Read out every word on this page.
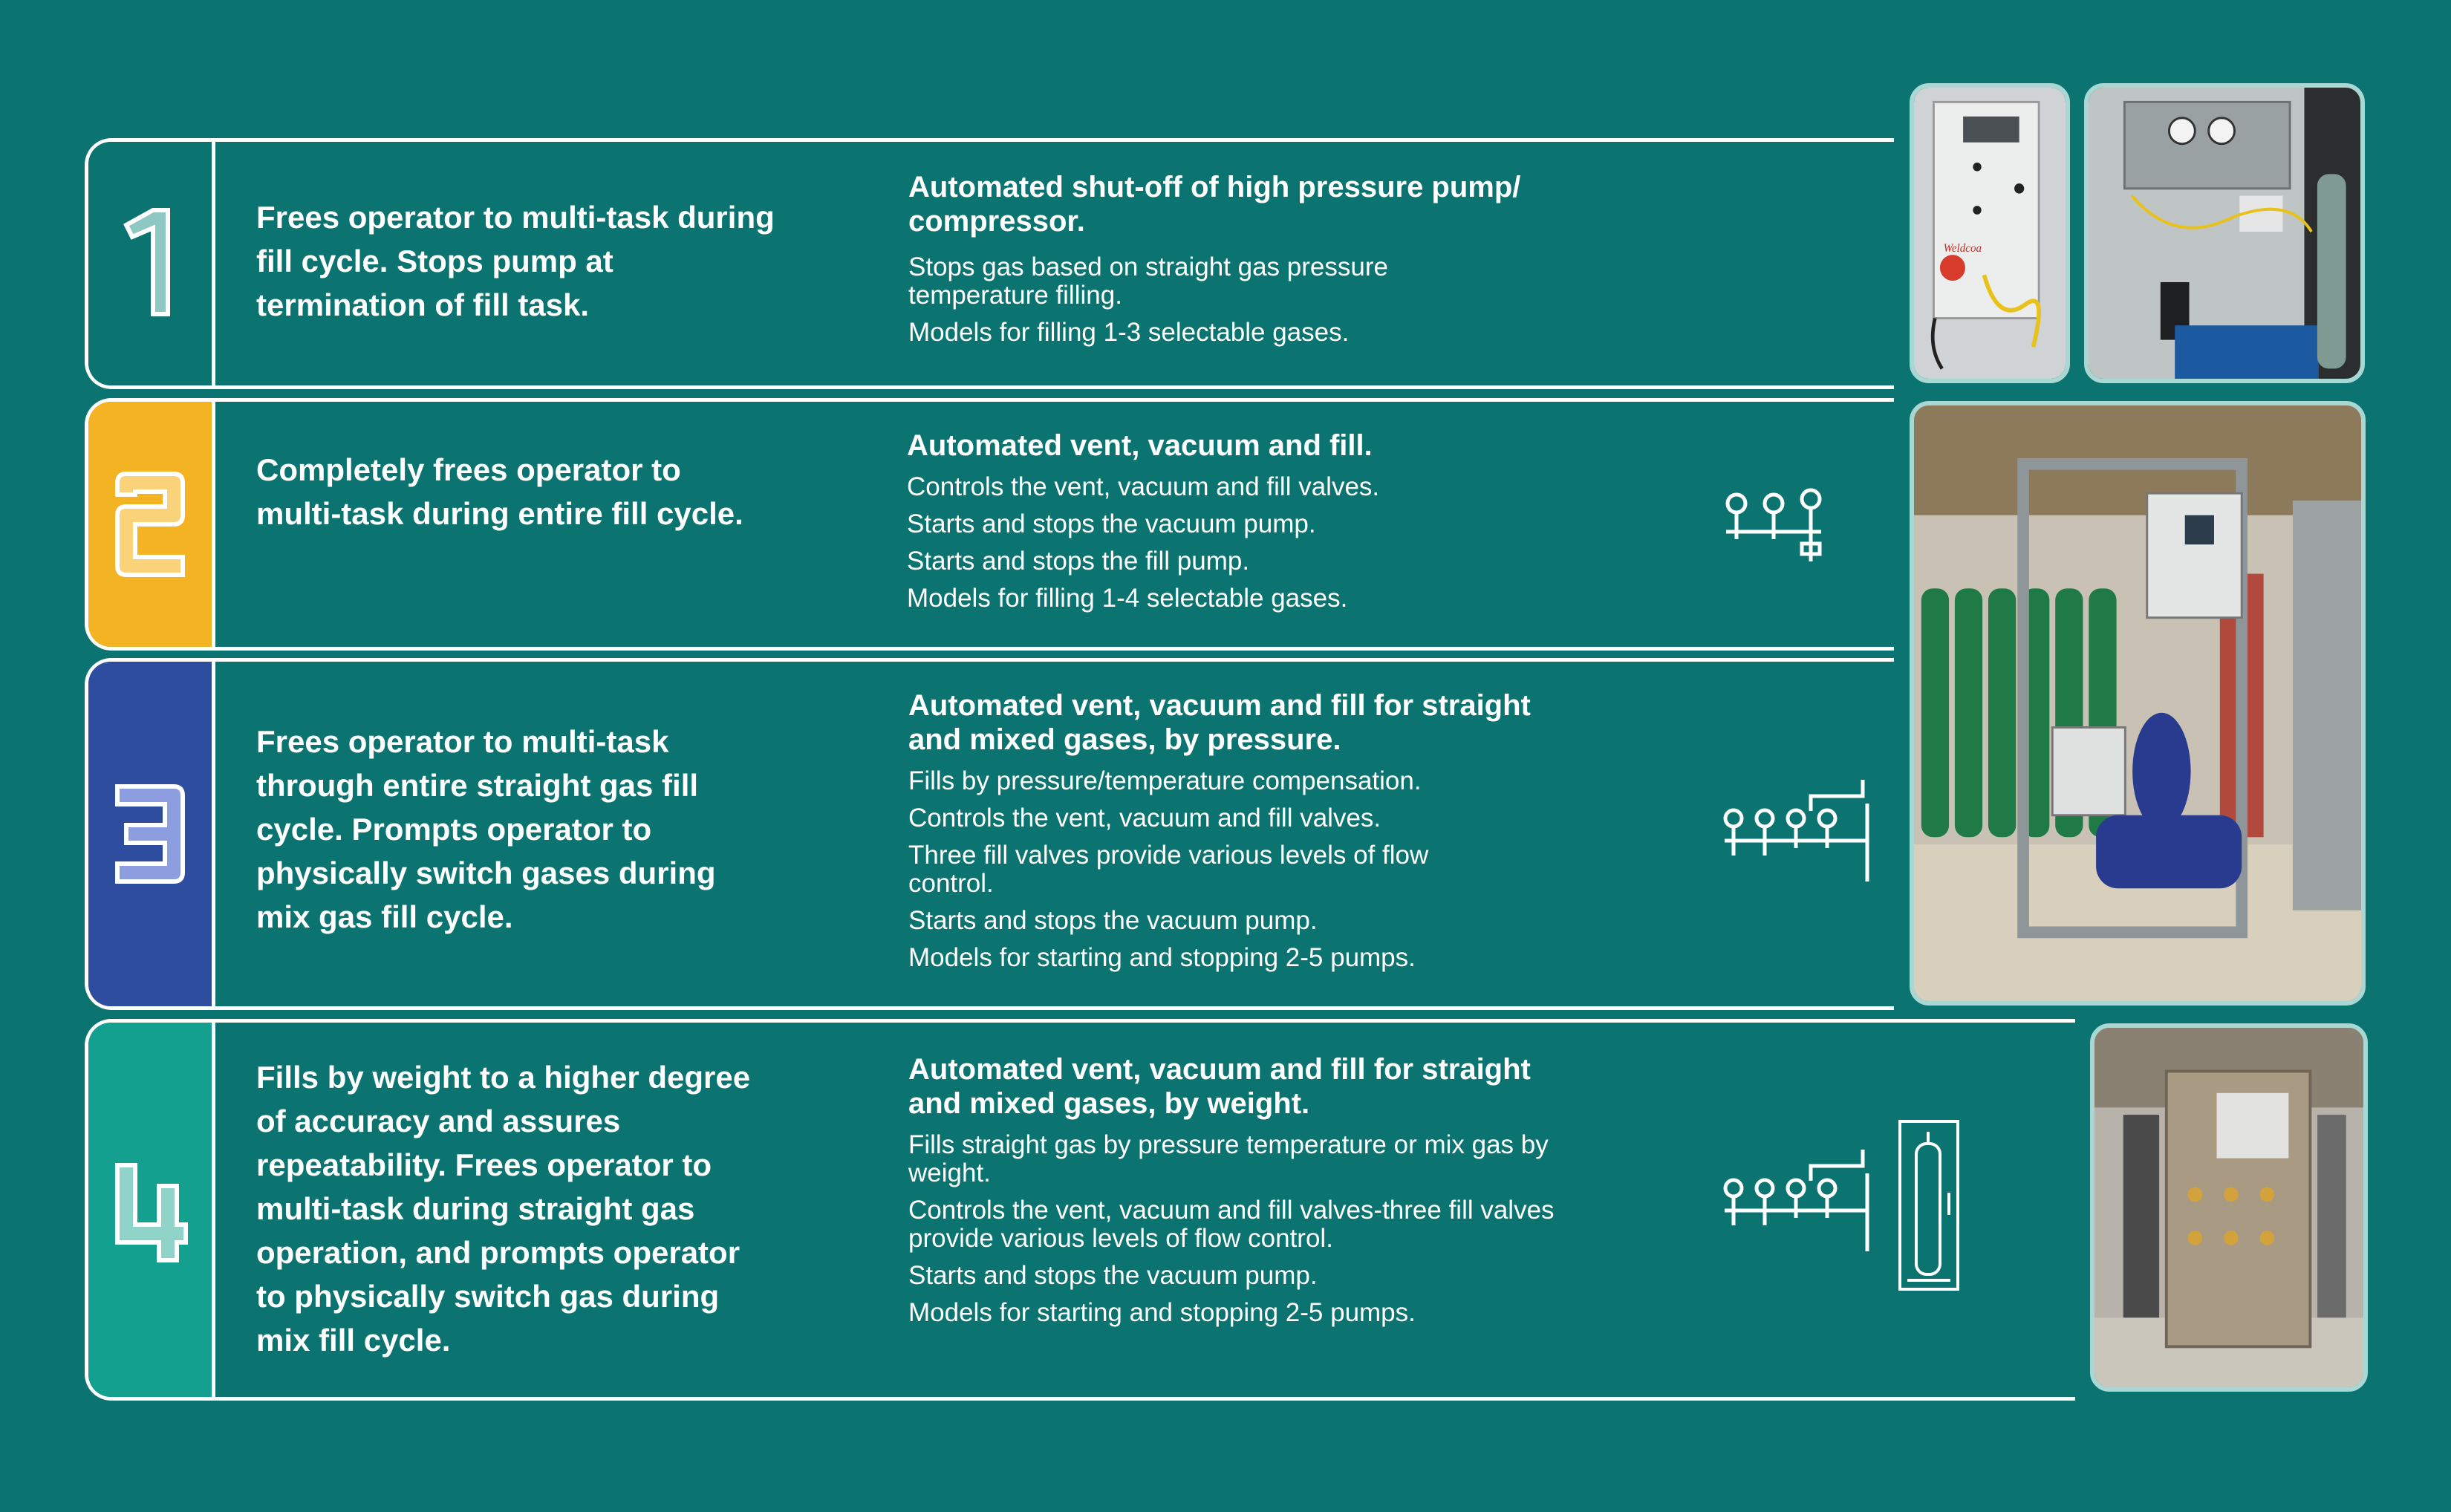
Frees operator to multi-task during fill cycle. Stops pump at termination of fill task.
Automated shut-off of high pressure pump/ compressor.
Stops gas based on straight gas pressure temperature filling.
Models for filling 1-3 selectable gases.
Completely frees operator to multi-task during entire fill cycle.
Automated vent, vacuum and fill.
Controls the vent, vacuum and fill valves.
Starts and stops the vacuum pump.
Starts and stops the fill pump.
Models for filling 1-4 selectable gases.
Frees operator to multi-task through entire straight gas fill cycle. Prompts operator to physically switch gases during mix gas fill cycle.
Automated vent, vacuum and fill for straight and mixed gases, by pressure.
Fills by pressure/temperature compensation.
Controls the vent, vacuum and fill valves.
Three fill valves provide various levels of flow control.
Starts and stops the vacuum pump.
Models for starting and stopping 2-5 pumps.
Fills by weight to a higher degree of accuracy and assures repeatability. Frees operator to multi-task during straight gas operation, and prompts operator to physically switch gas during mix fill cycle.
Automated vent, vacuum and fill for straight and mixed gases, by weight.
Fills straight gas by pressure temperature or mix gas by weight.
Controls the vent, vacuum and fill valves-three fill valves provide various levels of flow control.
Starts and stops the vacuum pump.
Models for starting and stopping 2-5 pumps.
Weldcoa
